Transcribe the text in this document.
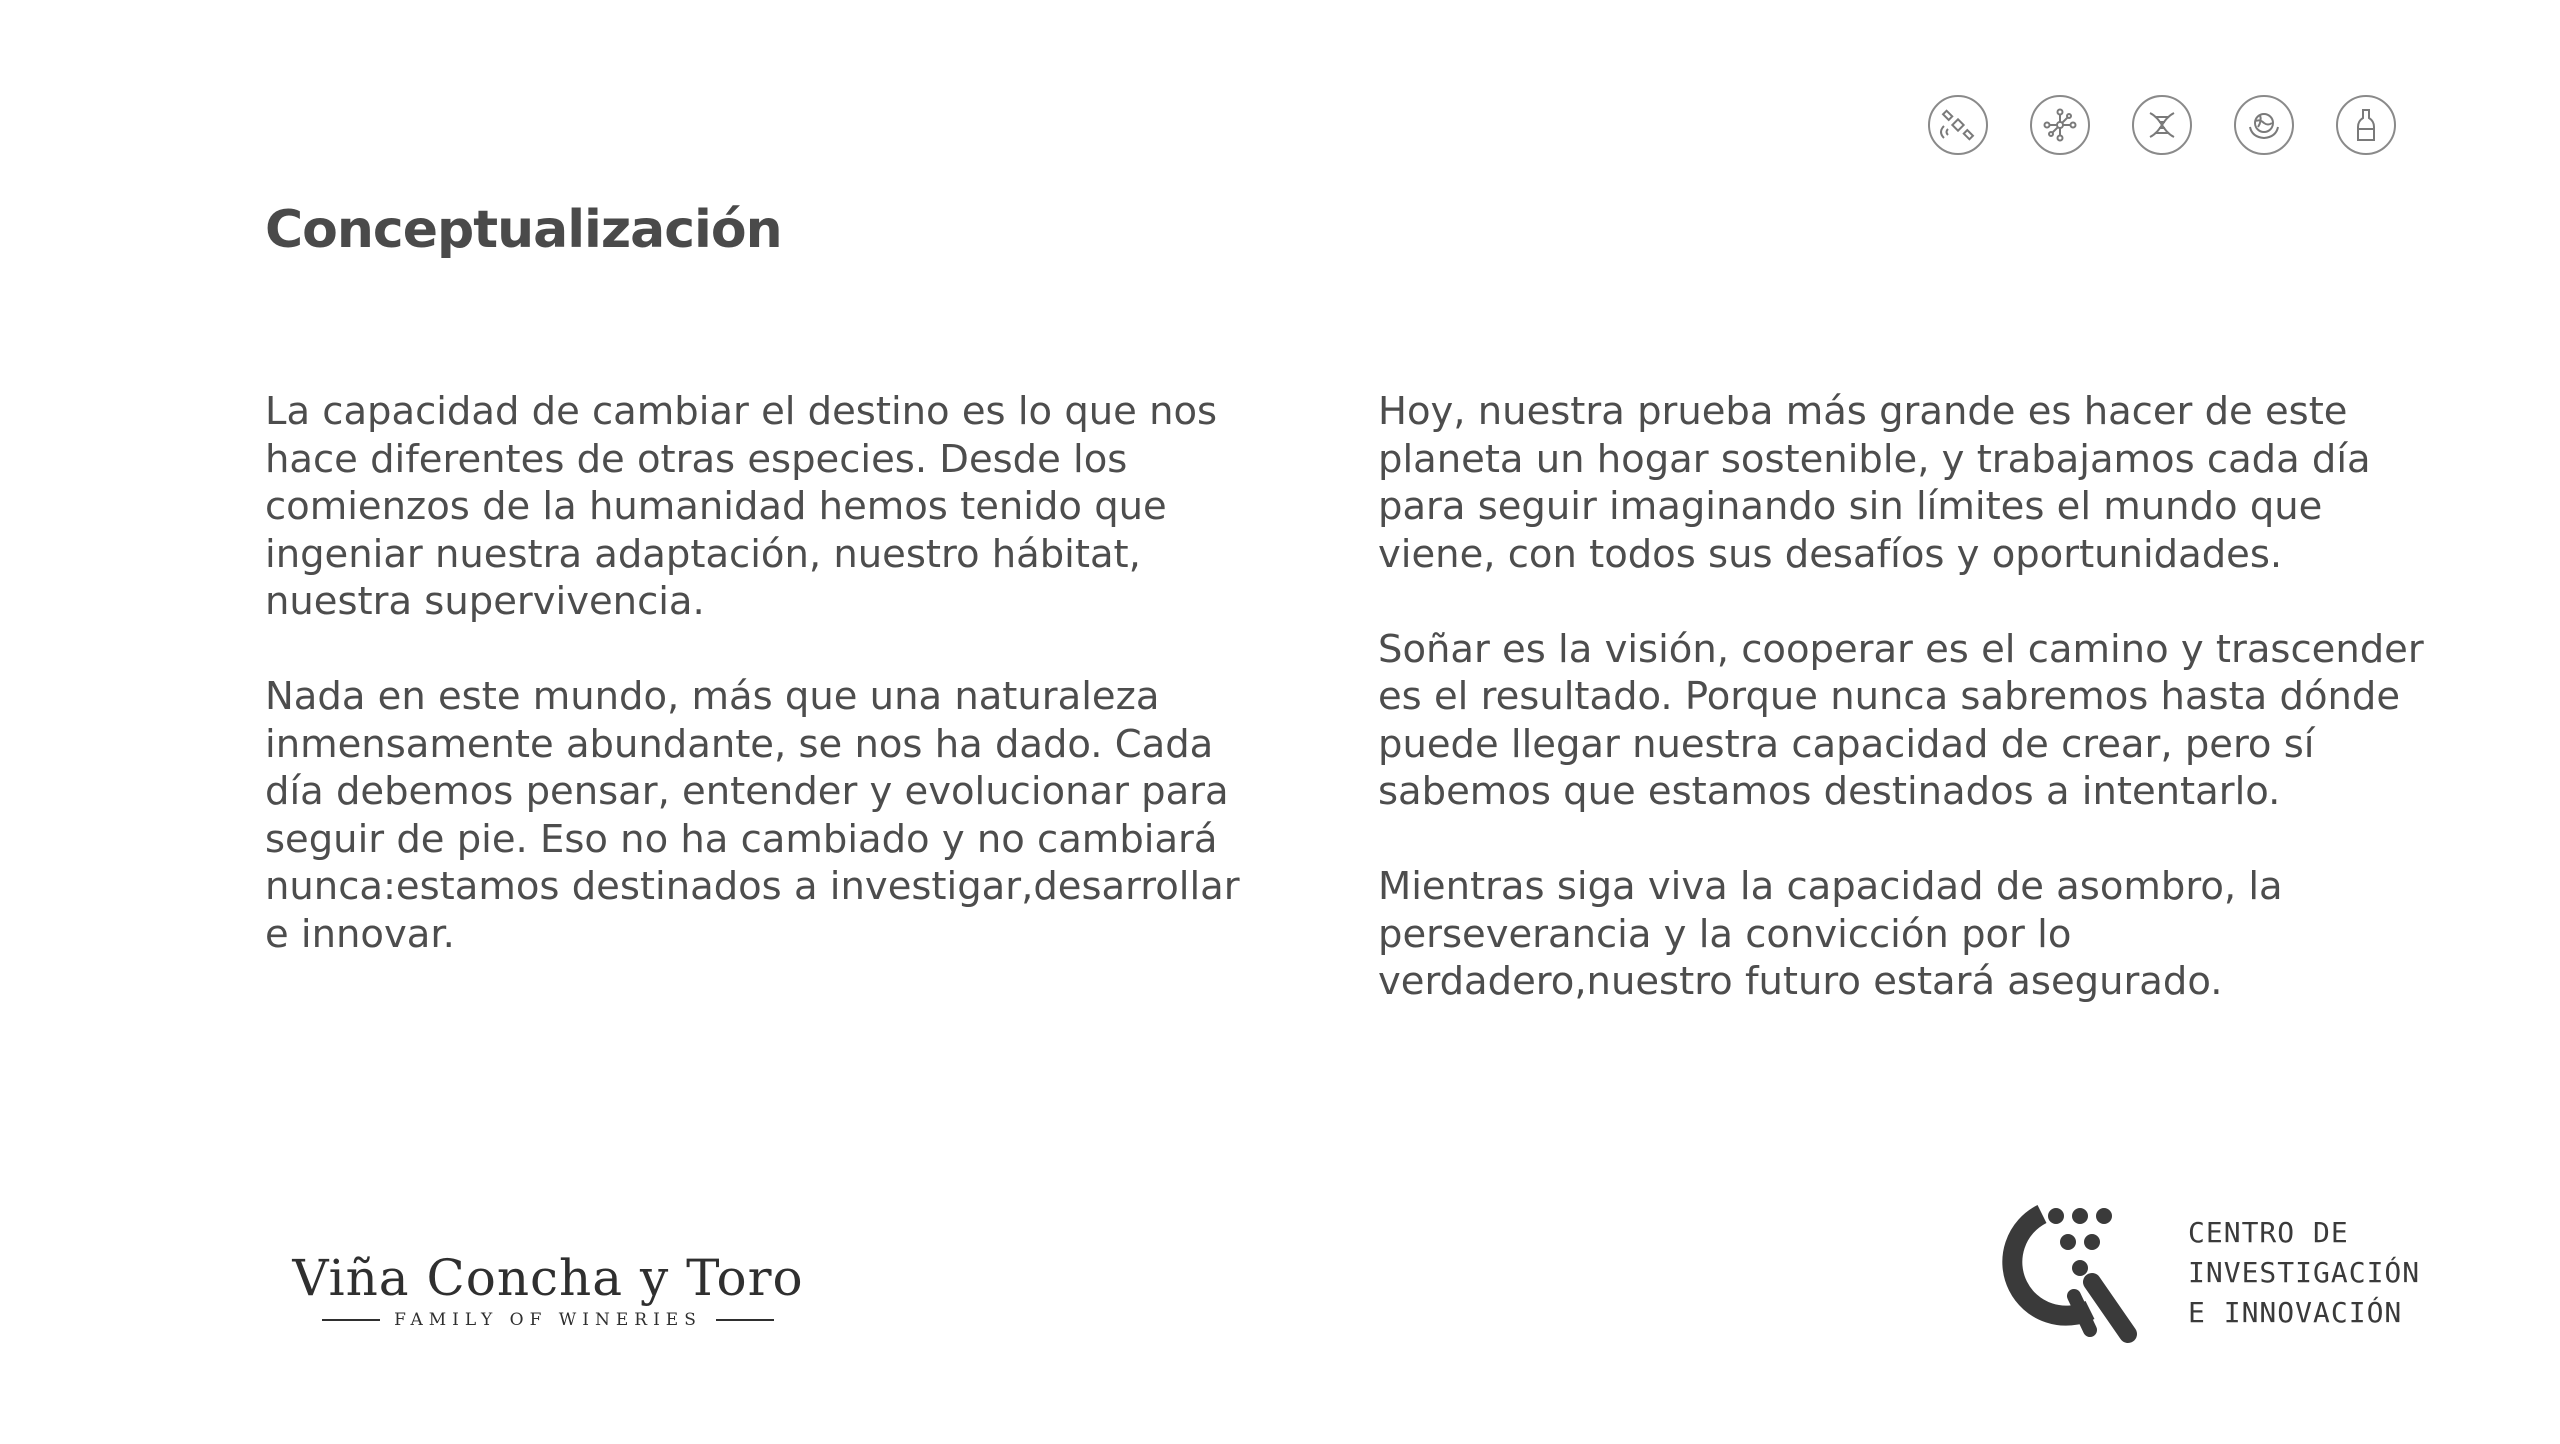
Conceptualización

La capacidad de cambiar el destino es lo que nos
hace diferentes de otras especies. Desde los
comienzos de la humanidad hemos tenido que
ingeniar nuestra adaptación, nuestro hábitat,
nuestra supervivencia.

Nada en este mundo, más que una naturaleza
inmensamente abundante, se nos ha dado. Cada
día debemos pensar, entender y evolucionar para
seguir de pie. Eso no ha cambiado y no cambiará
nunca:estamos destinados a investigar,desarrollar
e innovar.

Hoy, nuestra prueba más grande es hacer de este
planeta un hogar sostenible, y trabajamos cada día
para seguir imaginando sin límites el mundo que
viene, con todos sus desafíos y oportunidades.

Soñar es la visión, cooperar es el camino y trascender
es el resultado. Porque nunca sabremos hasta dónde
puede llegar nuestra capacidad de crear, pero sí
sabemos que estamos destinados a intentarlo.

Mientras siga viva la capacidad de asombro, la
perseverancia y la convicción por lo
verdadero,nuestro futuro estará asegurado.

Viña Concha y Toro
FAMILY OF WINERIES
CENTRO DE
INVESTIGACIÓN
E INNOVACIÓN
